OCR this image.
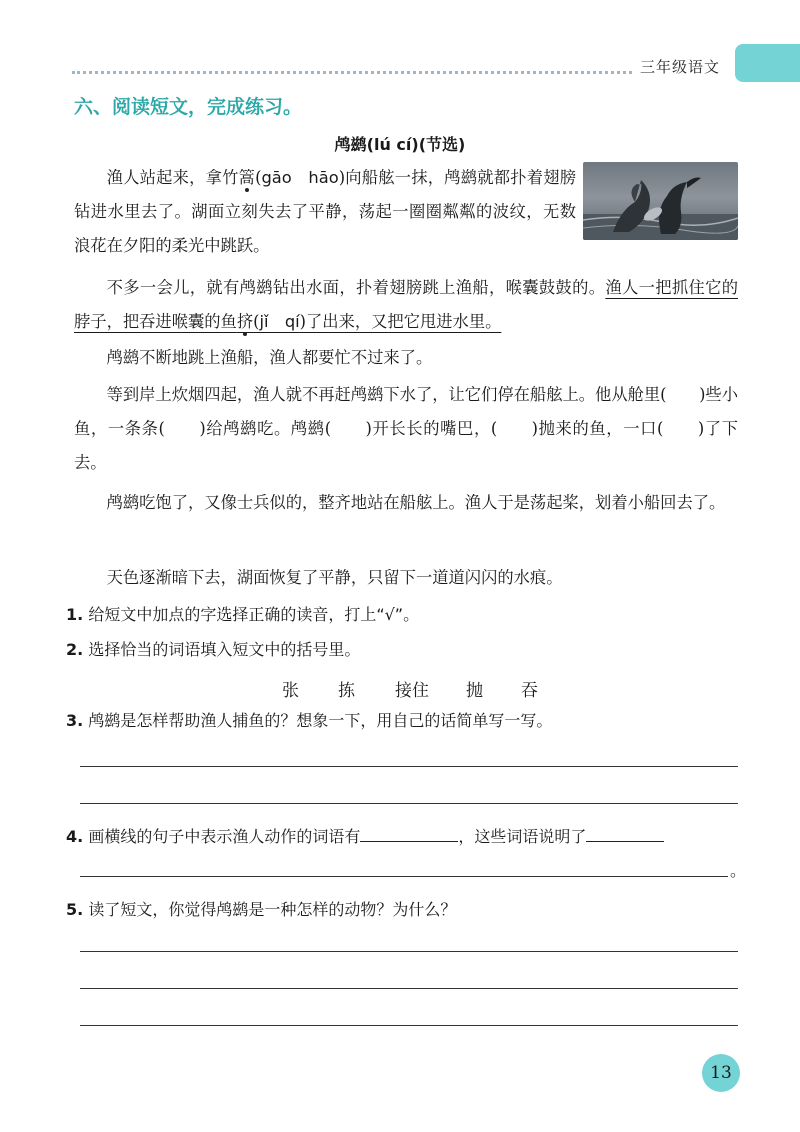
三年级语文
六、阅读短文，完成练习。
鸬鹚(lú cí)(节选)

渔人站起来，拿竹篙(gāo　hāo)向船舷一抹，鸬鹚就都扑着翅膀钻进水里去了。湖面立刻失去了平静，荡起一圈圈粼粼的波纹，无数浪花在夕阳的柔光中跳跃。

不多一会儿，就有鸬鹚钻出水面，扑着翅膀跳上渔船，喉囊鼓鼓的。渔人一把抓住它的脖子，把吞进喉囊的鱼挤(jǐ　qí)了出来，又把它甩进水里。

鸬鹚不断地跳上渔船，渔人都要忙不过来了。

等到岸上炊烟四起，渔人就不再赶鸬鹚下水了，让它们停在船舷上。他从舱里(　　)些小鱼，一条条(　　)给鸬鹚吃。鸬鹚(　　)开长长的嘴巴，(　　)抛来的鱼，一口(　　)了下去。

鸬鹚吃饱了，又像士兵似的，整齐地站在船舷上。渔人于是荡起桨，划着小船回去了。

天色逐渐暗下去，湖面恢复了平静，只留下一道道闪闪的水痕。

1. 给短文中加点的字选择正确的读音，打上“√”。

2. 选择恰当的词语填入短文中的括号里。

张 拣 接住 抛 吞

3. 鸬鹚是怎样帮助渔人捕鱼的？想象一下，用自己的话简单写一写。

4. 画横线的句子中表示渔人动作的词语有	，这些词语说明了

。

5. 读了短文，你觉得鸬鹚是一种怎样的动物？为什么？

13
